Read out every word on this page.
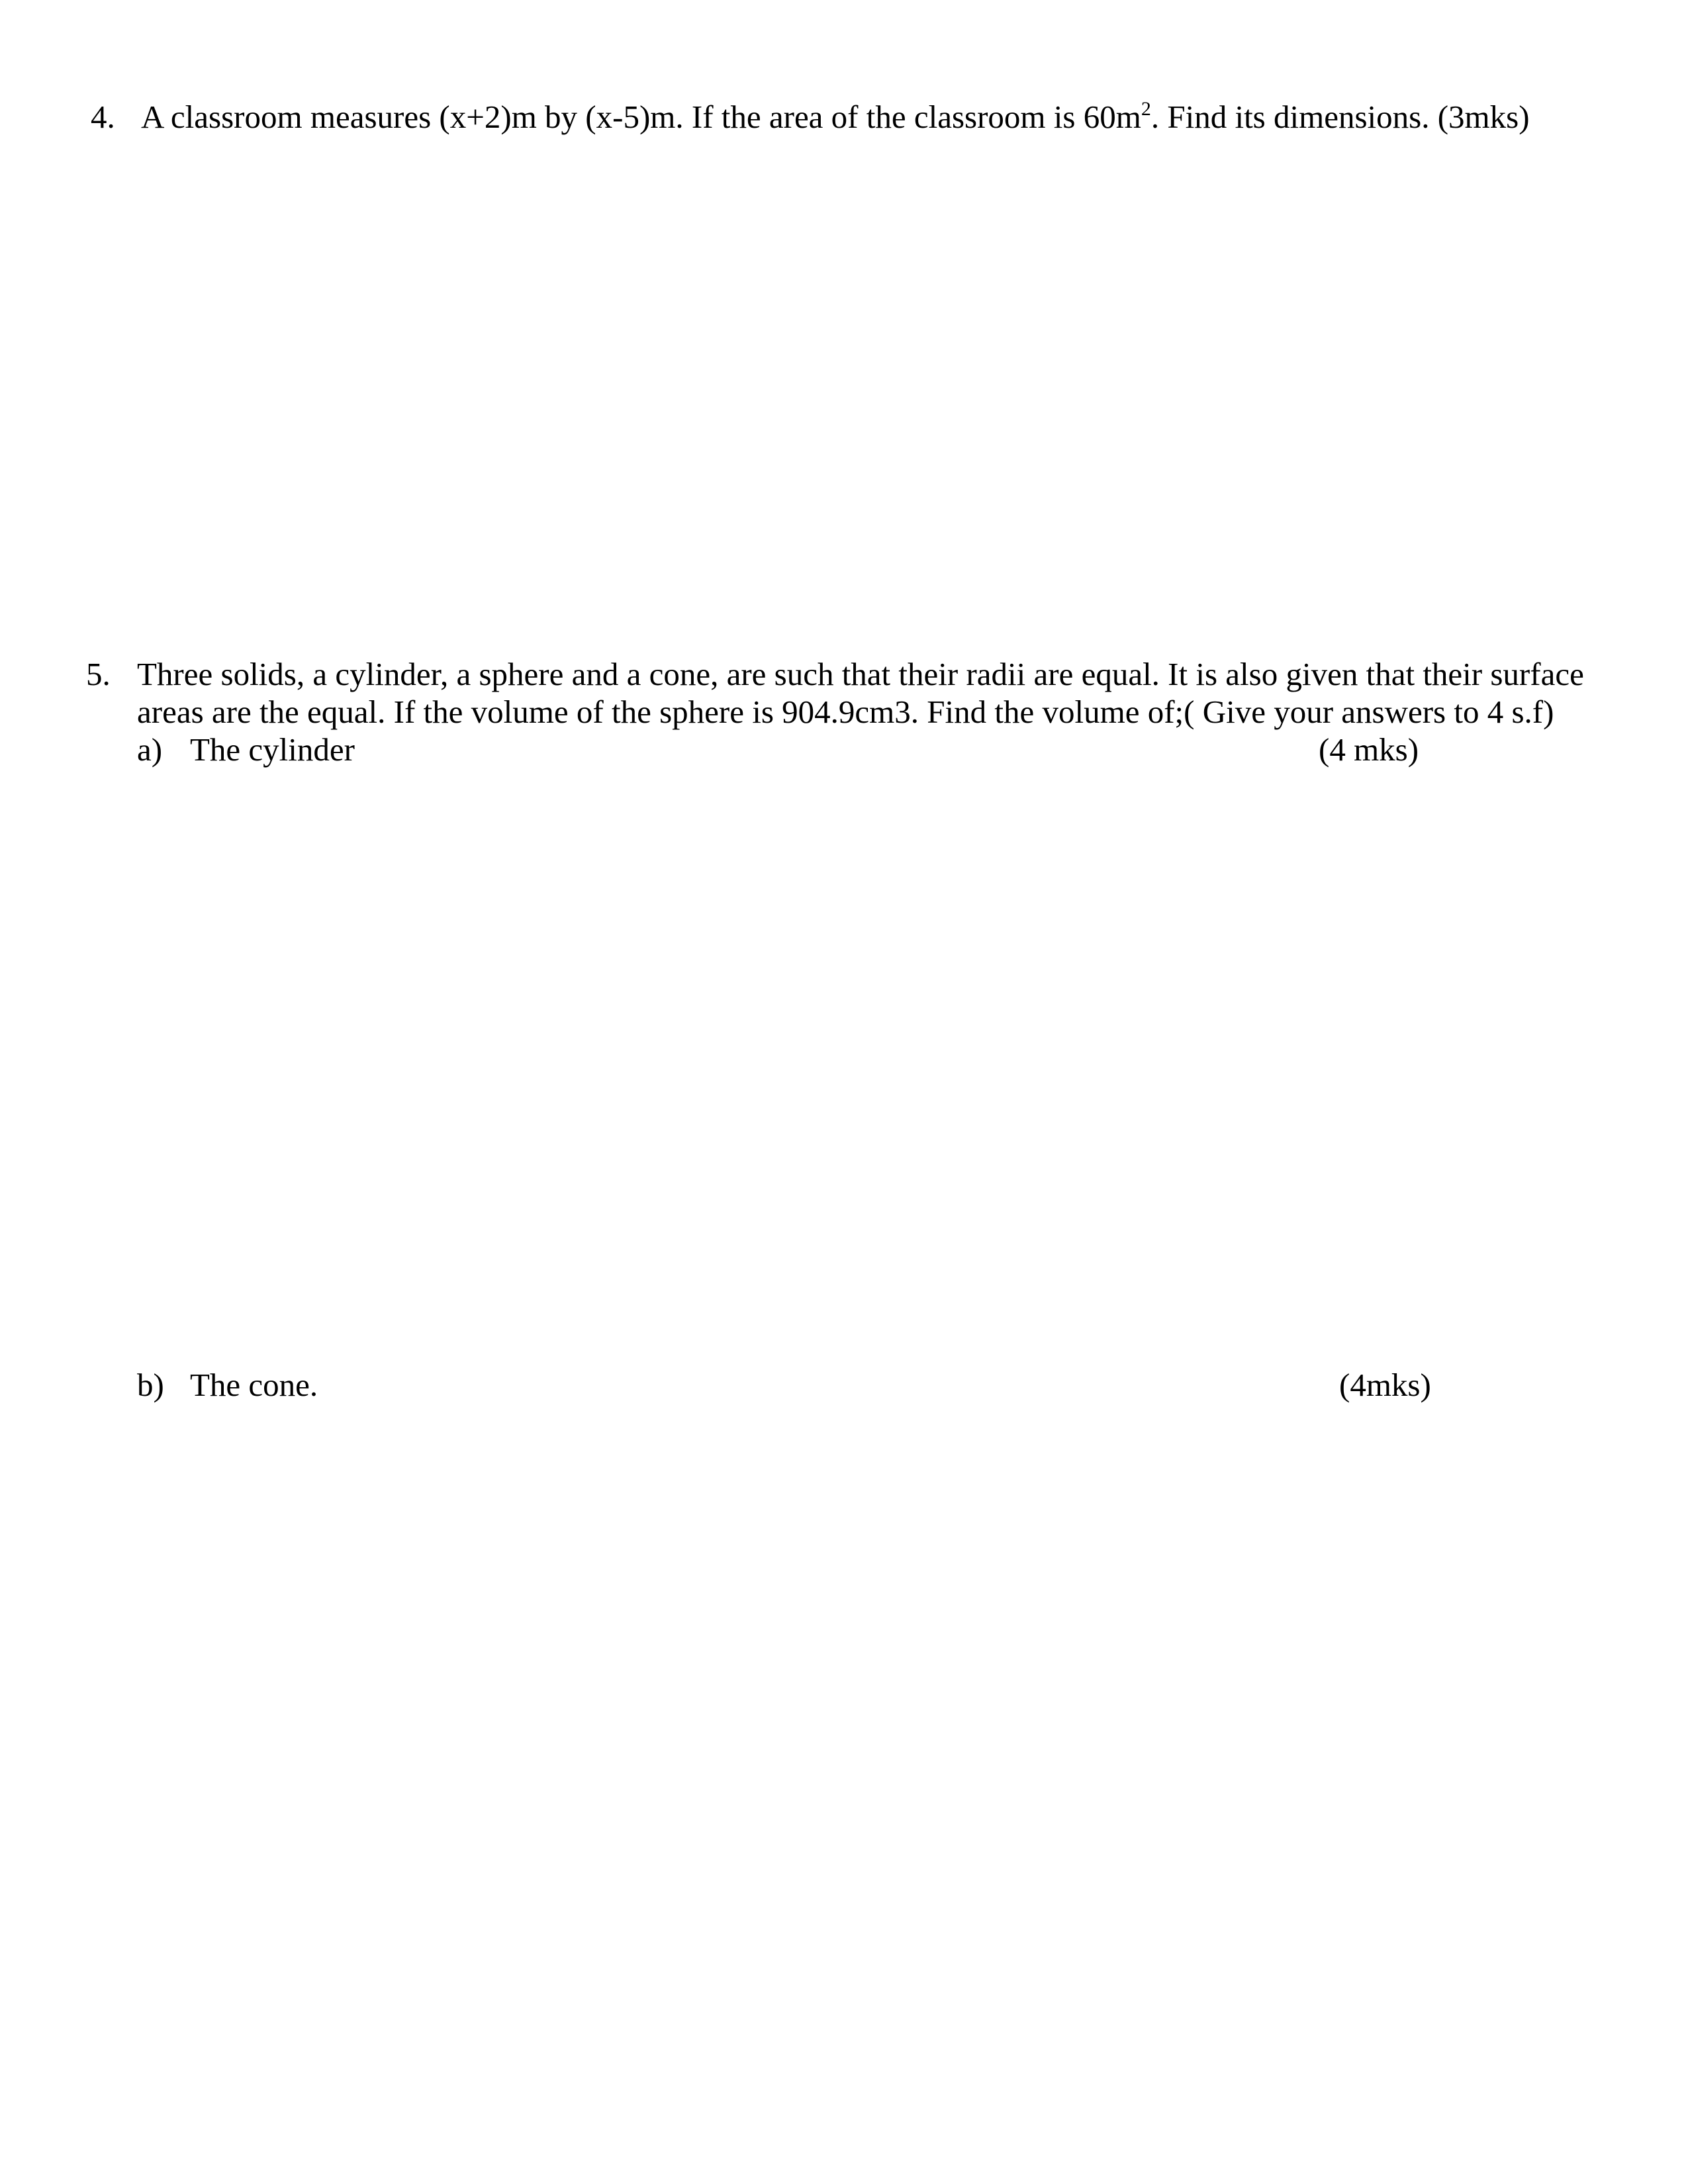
4. A classroom measures (x+2)m by (x-5)m. If the area of the classroom is $60m^2$. Find its dimensions. (3mks)
5. Three solids, a cylinder, a sphere and a cone, are such that their radii are equal. It is also given that their surface
areas are the equal. If the volume of the sphere is 904.9cm3. Find the volume of;( Give your answers to 4 s.f)
a) The cylinder	(4 mks)
b) The cone.	(4mks)
